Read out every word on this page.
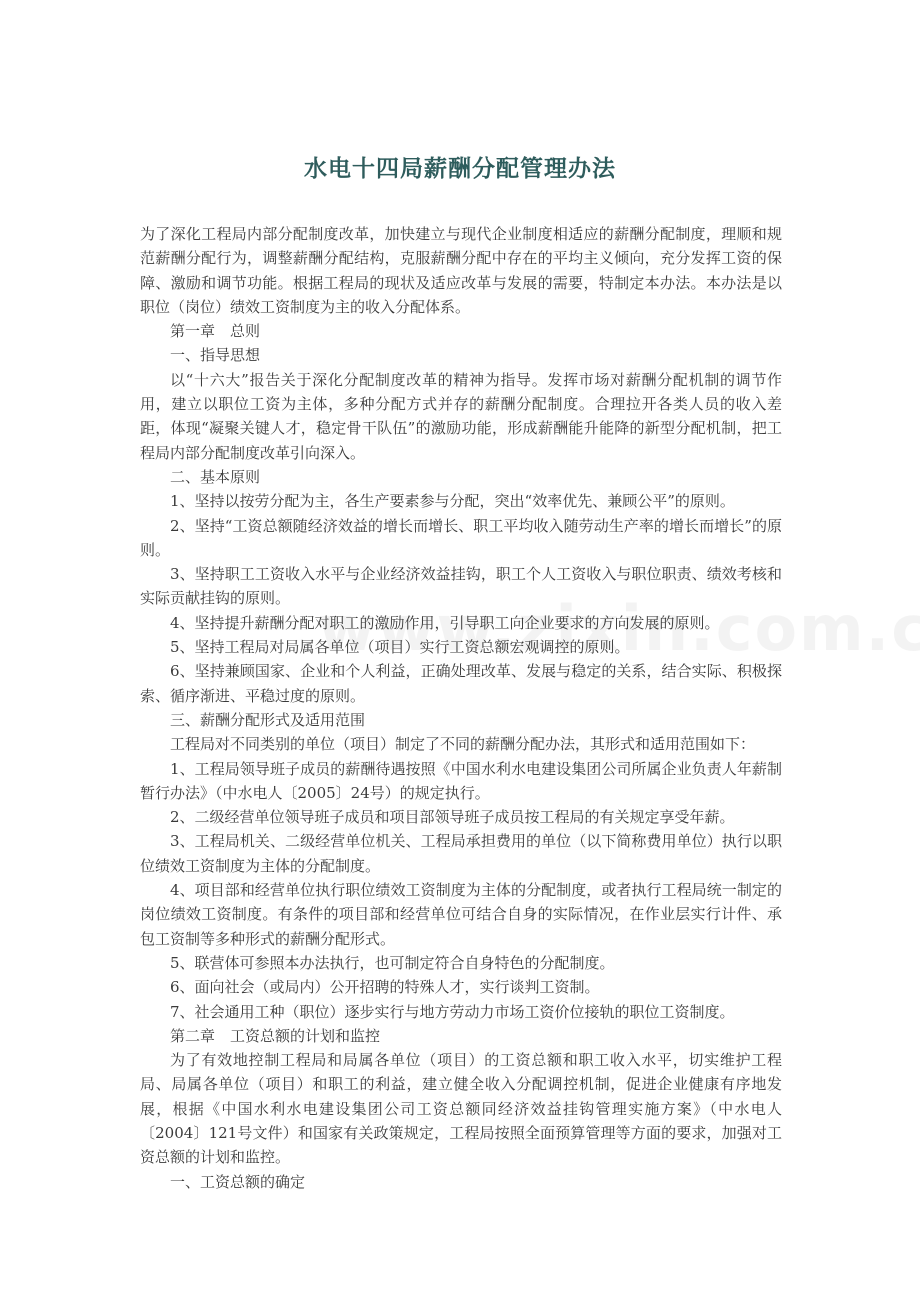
水电十四局薪酬分配管理办法

为了深化工程局内部分配制度改革，加快建立与现代企业制度相适应的薪酬分配制度，理顺和规范薪酬分配行为，调整薪酬分配结构，克服薪酬分配中存在的平均主义倾向，充分发挥工资的保障、激励和调节功能。根据工程局的现状及适应改革与发展的需要，特制定本办法。本办法是以职位（岗位）绩效工资制度为主的收入分配体系。

第一章　总则

一、指导思想

以“十六大”报告关于深化分配制度改革的精神为指导。发挥市场对薪酬分配机制的调节作用，建立以职位工资为主体，多种分配方式并存的薪酬分配制度。合理拉开各类人员的收入差距，体现“凝聚关键人才，稳定骨干队伍”的激励功能，形成薪酬能升能降的新型分配机制，把工程局内部分配制度改革引向深入。

二、基本原则

1、坚持以按劳分配为主，各生产要素参与分配，突出“效率优先、兼顾公平”的原则。

2、坚持“工资总额随经济效益的增长而增长、职工平均收入随劳动生产率的增长而增长”的原则。

3、坚持职工工资收入水平与企业经济效益挂钩，职工个人工资收入与职位职责、绩效考核和实际贡献挂钩的原则。

4、坚持提升薪酬分配对职工的激励作用，引导职工向企业要求的方向发展的原则。

5、坚持工程局对局属各单位（项目）实行工资总额宏观调控的原则。

6、坚持兼顾国家、企业和个人利益，正确处理改革、发展与稳定的关系，结合实际、积极探索、循序渐进、平稳过度的原则。

三、薪酬分配形式及适用范围

工程局对不同类别的单位（项目）制定了不同的薪酬分配办法，其形式和适用范围如下：

1、工程局领导班子成员的薪酬待遇按照《中国水利水电建设集团公司所属企业负责人年薪制暂行办法》（中水电人〔2005〕24号）的规定执行。

2、二级经营单位领导班子成员和项目部领导班子成员按工程局的有关规定享受年薪。

3、工程局机关、二级经营单位机关、工程局承担费用的单位（以下简称费用单位）执行以职位绩效工资制度为主体的分配制度。

4、项目部和经营单位执行职位绩效工资制度为主体的分配制度，或者执行工程局统一制定的岗位绩效工资制度。有条件的项目部和经营单位可结合自身的实际情况，在作业层实行计件、承包工资制等多种形式的薪酬分配形式。

5、联营体可参照本办法执行，也可制定符合自身特色的分配制度。

6、面向社会（或局内）公开招聘的特殊人才，实行谈判工资制。

7、社会通用工种（职位）逐步实行与地方劳动力市场工资价位接轨的职位工资制度。

第二章　工资总额的计划和监控

为了有效地控制工程局和局属各单位（项目）的工资总额和职工收入水平，切实维护工程局、局属各单位（项目）和职工的利益，建立健全收入分配调控机制，促进企业健康有序地发展，根据《中国水利水电建设集团公司工资总额同经济效益挂钩管理实施方案》（中水电人〔2004〕121号文件）和国家有关政策规定，工程局按照全面预算管理等方面的要求，加强对工资总额的计划和监控。

一、工资总额的确定
